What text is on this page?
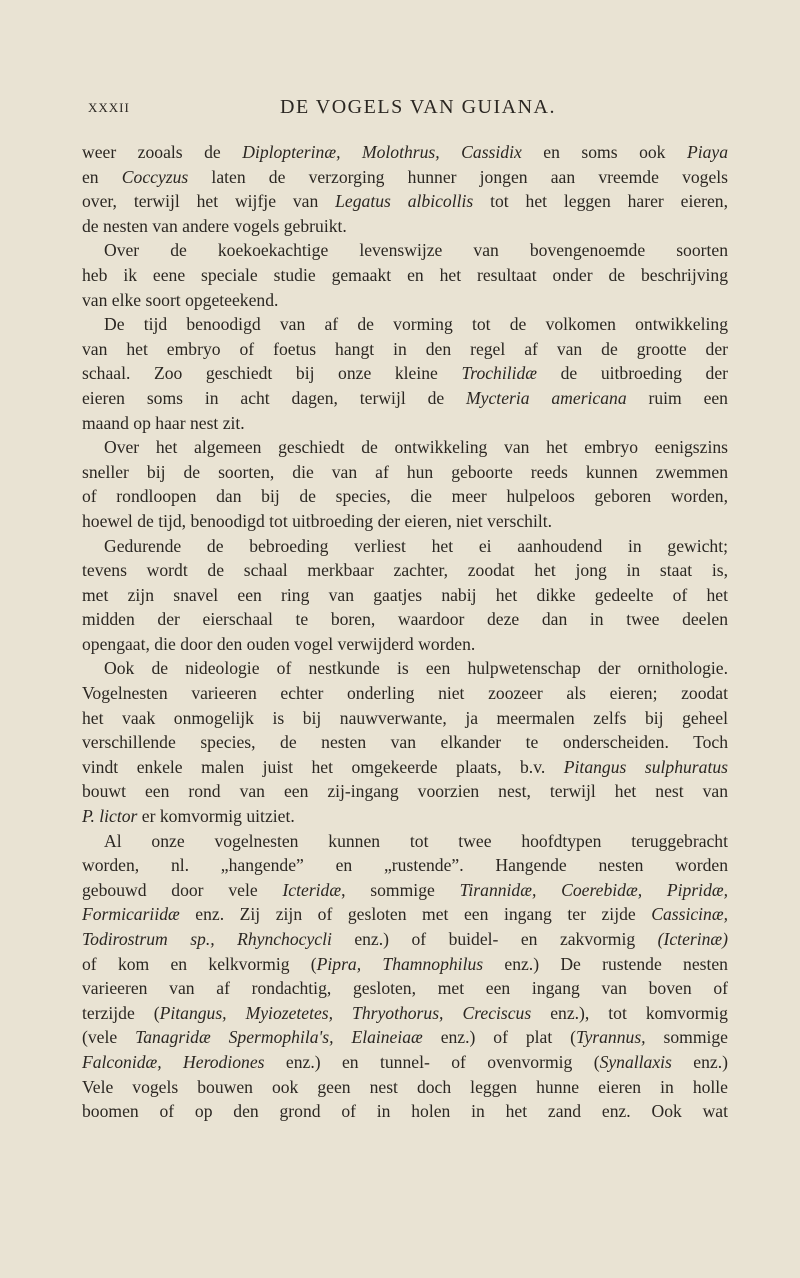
XXXII	DE VOGELS VAN GUIANA.
weer zooals de Diplopterinæ, Molothrus, Cassidix en soms ook Piaya
en Coccyzus laten de verzorging hunner jongen aan vreemde vogels
over, terwijl het wijfje van Legatus albicollis tot het leggen harer eieren,
de nesten van andere vogels gebruikt.
Over de koekoekachtige levenswijze van bovengenoemde soorten
heb ik eene speciale studie gemaakt en het resultaat onder de beschrijving
van elke soort opgeteekend.
De tijd benoodigd van af de vorming tot de volkomen ontwikkeling
van het embryo of foetus hangt in den regel af van de grootte der
schaal. Zoo geschiedt bij onze kleine Trochilidæ de uitbroeding der
eieren soms in acht dagen, terwijl de Mycteria americana ruim een
maand op haar nest zit.
Over het algemeen geschiedt de ontwikkeling van het embryo eenigszins
sneller bij de soorten, die van af hun geboorte reeds kunnen zwemmen
of rondloopen dan bij de species, die meer hulpeloos geboren worden,
hoewel de tijd, benoodigd tot uitbroeding der eieren, niet verschilt.
Gedurende de bebroeding verliest het ei aanhoudend in gewicht;
tevens wordt de schaal merkbaar zachter, zoodat het jong in staat is,
met zijn snavel een ring van gaatjes nabij het dikke gedeelte of het
midden der eierschaal te boren, waardoor deze dan in twee deelen
opengaat, die door den ouden vogel verwijderd worden.
Ook de nideologie of nestkunde is een hulpwetenschap der ornithologie.
Vogelnesten varieeren echter onderling niet zoozeer als eieren; zoodat
het vaak onmogelijk is bij nauwverwante, ja meermalen zelfs bij geheel
verschillende species, de nesten van elkander te onderscheiden. Toch
vindt enkele malen juist het omgekeerde plaats, b.v. Pitangus sulphuratus
bouwt een rond van een zij-ingang voorzien nest, terwijl het nest van
P. lictor er komvormig uitziet.
Al onze vogelnesten kunnen tot twee hoofdtypen teruggebracht
worden, nl. „hangende” en „rustende”. Hangende nesten worden
gebouwd door vele Icteridæ, sommige Tirannidæ, Coerebidæ, Pipridæ,
Formicariidæ enz. Zij zijn of gesloten met een ingang ter zijde Cassicinæ,
Todirostrum sp., Rhynchocycli enz.) of buidel- en zakvormig (Icterinæ)
of kom en kelkvormig (Pipra, Thamnophilus enz.) De rustende nesten
varieeren van af rondachtig, gesloten, met een ingang van boven of
terzijde (Pitangus, Myiozetetes, Thryothorus, Creciscus enz.), tot komvormig
(vele Tanagridæ Spermophila's, Elaineiaæ enz.) of plat (Tyrannus, sommige
Falconidæ, Herodiones enz.) en tunnel- of ovenvormig (Synallaxis enz.)
Vele vogels bouwen ook geen nest doch leggen hunne eieren in holle
boomen of op den grond of in holen in het zand enz. Ook wat
